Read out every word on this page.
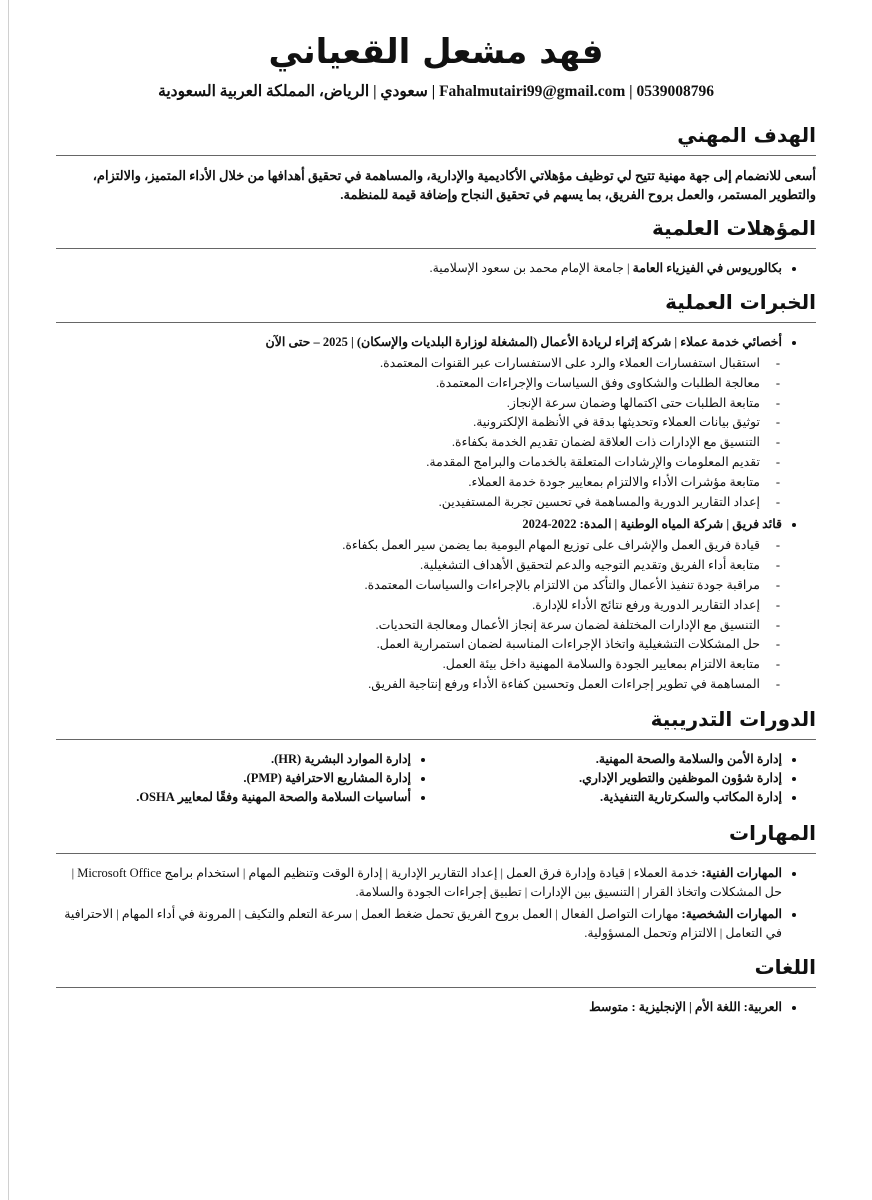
فهد مشعل القعياني
0539008796 | Fahalmutairi99@gmail.com | سعودي | الرياض، المملكة العربية السعودية
الهدف المهني

أسعى للانضمام إلى جهة مهنية تتيح لي توظيف مؤهلاتي الأكاديمية والإدارية، والمساهمة في تحقيق أهدافها من خلال الأداء المتميز، والالتزام، والتطوير المستمر، والعمل بروح الفريق، بما يسهم في تحقيق النجاح وإضافة قيمة للمنظمة.

المؤهلات العلمية
• بكالوريوس في الفيزياء العامة | جامعة الإمام محمد بن سعود الإسلامية.
الخبرات العملية
• أخصائي خدمة عملاء | شركة إثراء لريادة الأعمال (المشغلة لوزارة البلديات والإسكان) | 2025 – حتى الآن
- استقبال استفسارات العملاء والرد على الاستفسارات عبر القنوات المعتمدة.
- معالجة الطلبات والشكاوى وفق السياسات والإجراءات المعتمدة.
- متابعة الطلبات حتى اكتمالها وضمان سرعة الإنجاز.
- توثيق بيانات العملاء وتحديثها بدقة في الأنظمة الإلكترونية.
- التنسيق مع الإدارات ذات العلاقة لضمان تقديم الخدمة بكفاءة.
- تقديم المعلومات والإرشادات المتعلقة بالخدمات والبرامج المقدمة.
- متابعة مؤشرات الأداء والالتزام بمعايير جودة خدمة العملاء.
- إعداد التقارير الدورية والمساهمة في تحسين تجربة المستفيدين.
• قائد فريق | شركة المياه الوطنية | المدة: 2022-2024
- قيادة فريق العمل والإشراف على توزيع المهام اليومية بما يضمن سير العمل بكفاءة.
- متابعة أداء الفريق وتقديم التوجيه والدعم لتحقيق الأهداف التشغيلية.
- مراقبة جودة تنفيذ الأعمال والتأكد من الالتزام بالإجراءات والسياسات المعتمدة.
- إعداد التقارير الدورية ورفع نتائج الأداء للإدارة.
- التنسيق مع الإدارات المختلفة لضمان سرعة إنجاز الأعمال ومعالجة التحديات.
- حل المشكلات التشغيلية واتخاذ الإجراءات المناسبة لضمان استمرارية العمل.
- متابعة الالتزام بمعايير الجودة والسلامة المهنية داخل بيئة العمل.
- المساهمة في تطوير إجراءات العمل وتحسين كفاءة الأداء ورفع إنتاجية الفريق.
الدورات التدريبية
• إدارة الأمن والسلامة والصحة المهنية.
• إدارة شؤون الموظفين والتطوير الإداري.
• إدارة المكاتب والسكرتارية التنفيذية.
• إدارة الموارد البشرية (HR).
• إدارة المشاريع الاحترافية (PMP).
• أساسيات السلامة والصحة المهنية وفقًا لمعايير OSHA.
المهارات
• المهارات الفنية: خدمة العملاء | قيادة وإدارة فرق العمل | إعداد التقارير الإدارية | إدارة الوقت وتنظيم المهام | استخدام برامج Microsoft Office | حل المشكلات واتخاذ القرار | التنسيق بين الإدارات | تطبيق إجراءات الجودة والسلامة.
• المهارات الشخصية: مهارات التواصل الفعال | العمل بروح الفريق تحمل ضغط العمل | سرعة التعلم والتكيف | المرونة في أداء المهام | الاحترافية في التعامل | الالتزام وتحمل المسؤولية.
اللغات
• العربية: اللغة الأم | الإنجليزية : متوسط
